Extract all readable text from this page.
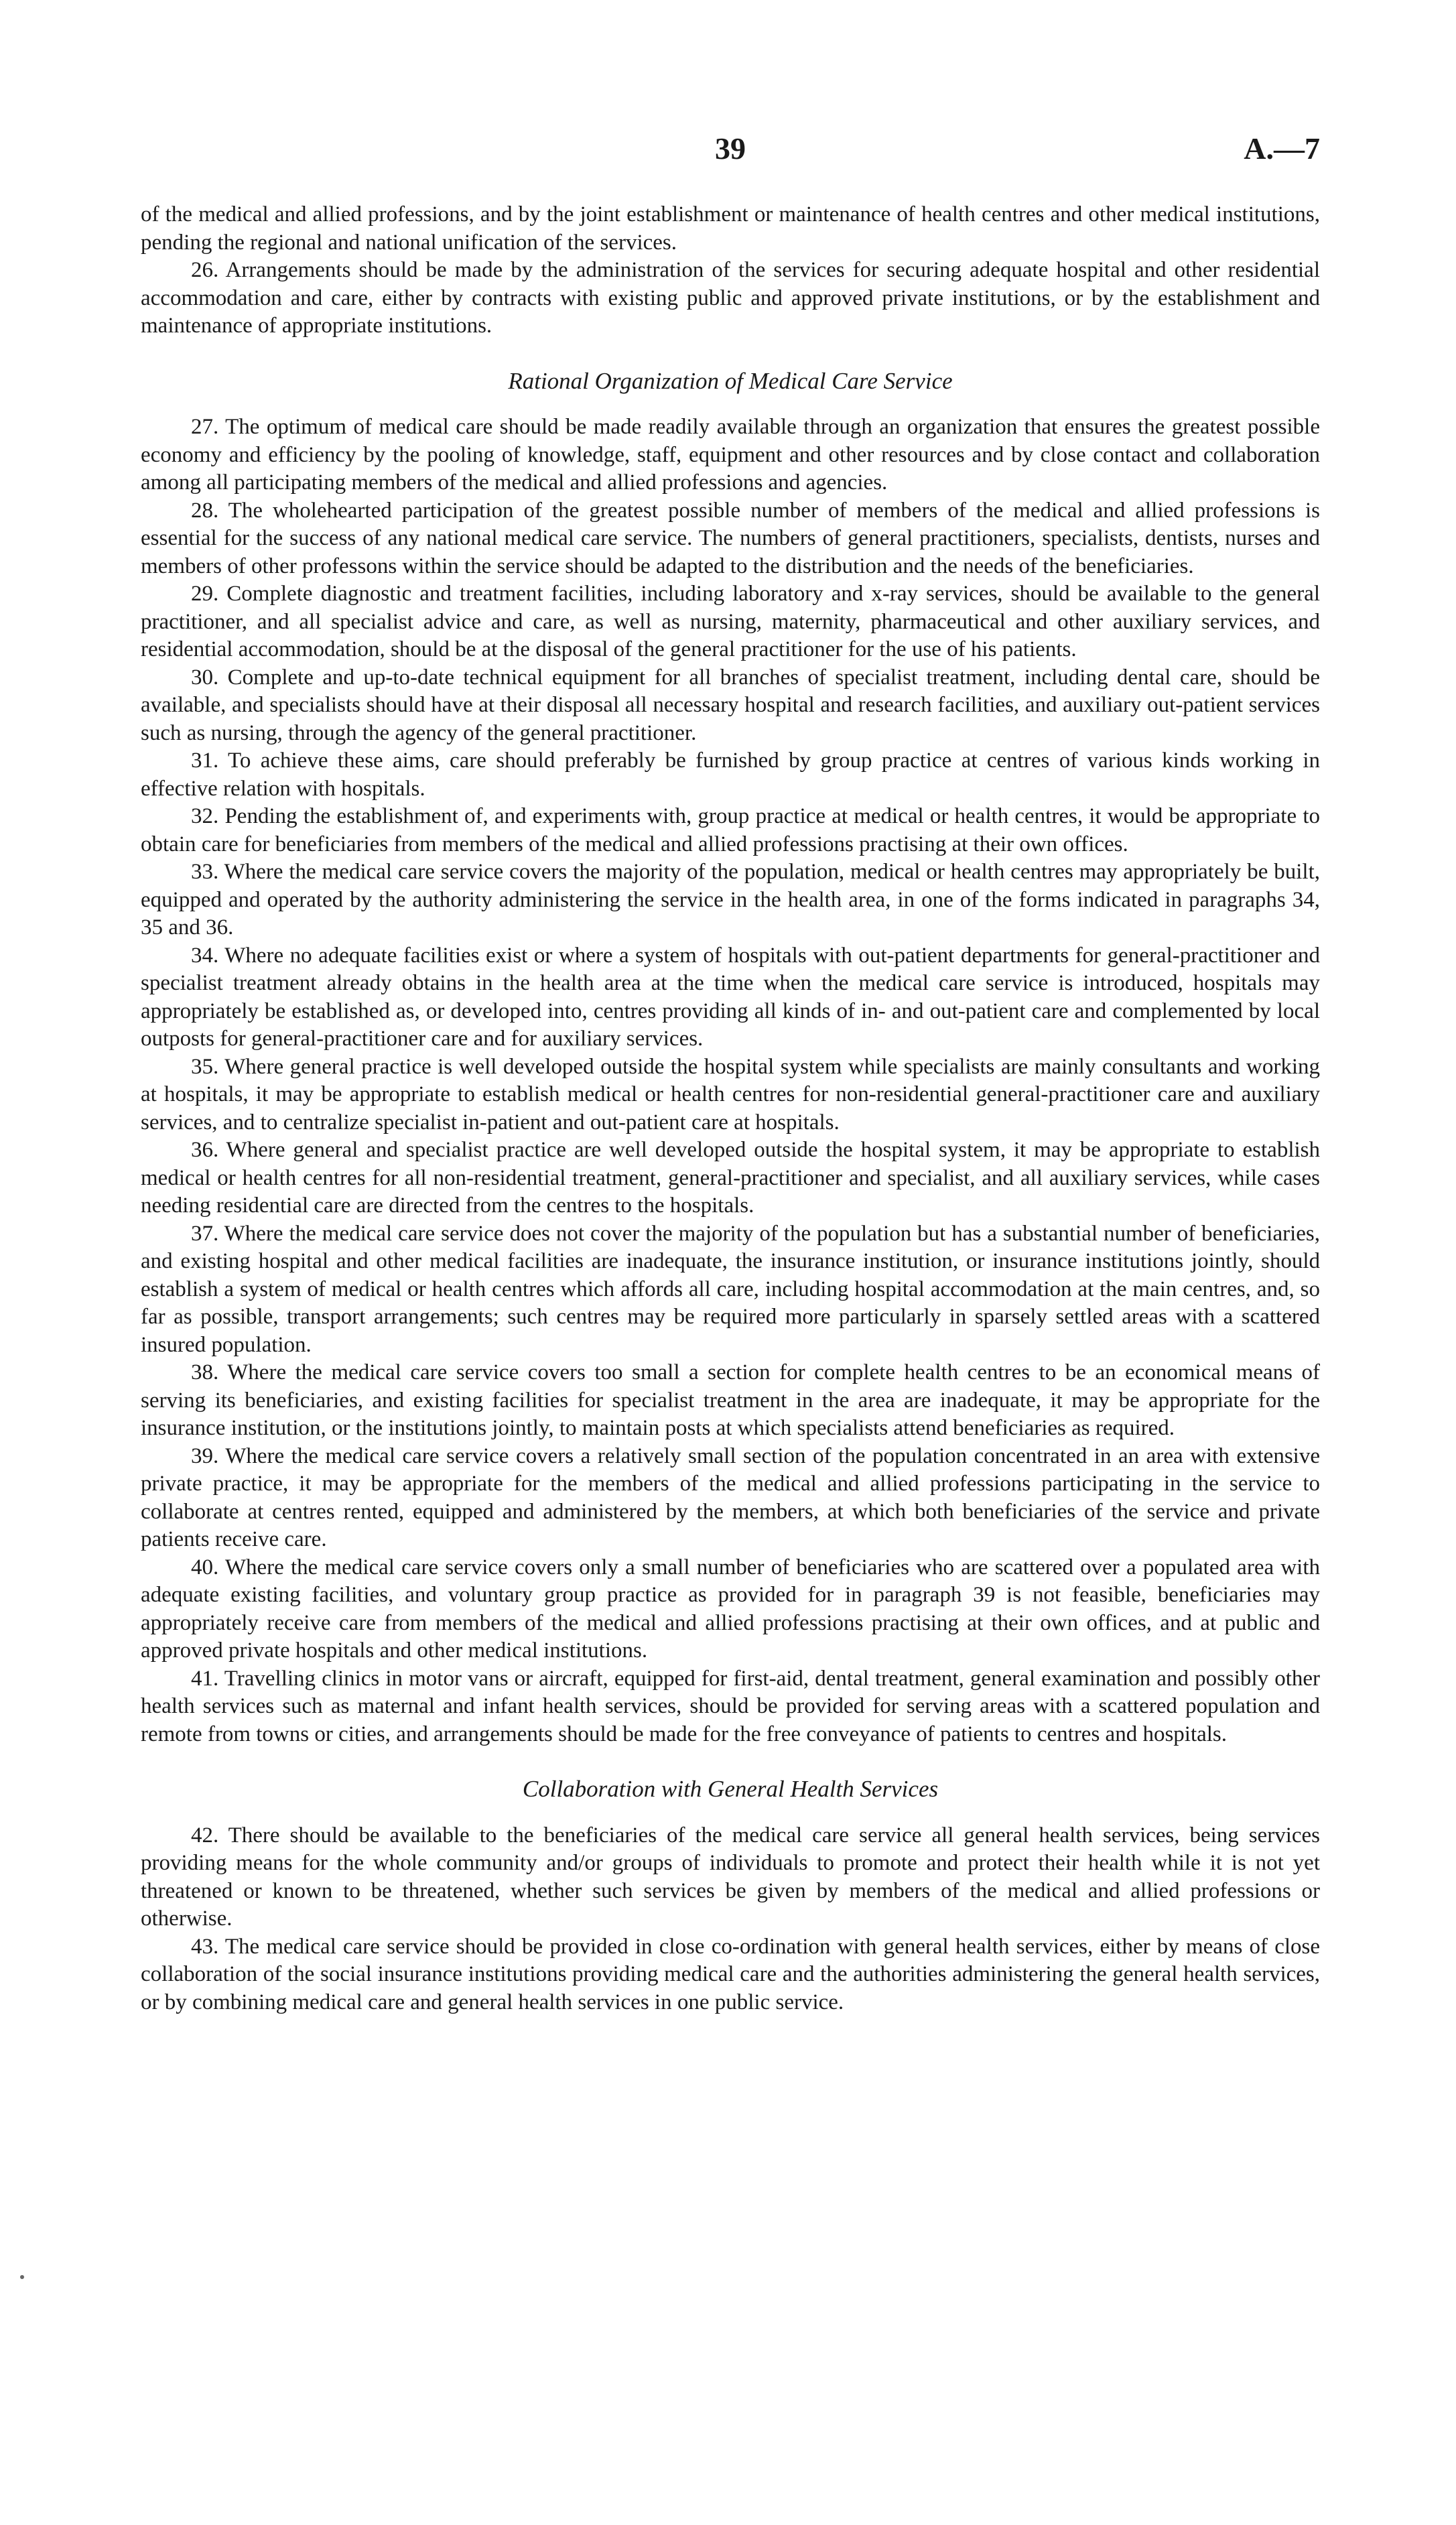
39	A.—7

of the medical and allied professions, and by the joint establishment or maintenance of health centres and other medical institutions, pending the regional and national unification of the services.

26. Arrangements should be made by the administration of the services for securing adequate hospital and other residential accommodation and care, either by contracts with existing public and approved private institutions, or by the establishment and maintenance of appropriate institutions.

Rational Organization of Medical Care Service

27. The optimum of medical care should be made readily available through an organization that ensures the greatest possible economy and efficiency by the pooling of knowledge, staff, equipment and other resources and by close contact and collaboration among all participating members of the medical and allied professions and agencies.

28. The wholehearted participation of the greatest possible number of members of the medical and allied professions is essential for the success of any national medical care service. The numbers of general practitioners, specialists, dentists, nurses and members of other professons within the service should be adapted to the distribution and the needs of the beneficiaries.

29. Complete diagnostic and treatment facilities, including laboratory and x-ray services, should be available to the general practitioner, and all specialist advice and care, as well as nursing, maternity, pharmaceutical and other auxiliary services, and residential accommodation, should be at the disposal of the general practitioner for the use of his patients.

30. Complete and up-to-date technical equipment for all branches of specialist treatment, including dental care, should be available, and specialists should have at their disposal all necessary hospital and research facilities, and auxiliary out-patient services such as nursing, through the agency of the general practitioner.

31. To achieve these aims, care should preferably be furnished by group practice at centres of various kinds working in effective relation with hospitals.

32. Pending the establishment of, and experiments with, group practice at medical or health centres, it would be appropriate to obtain care for beneficiaries from members of the medical and allied professions practising at their own offices.

33. Where the medical care service covers the majority of the population, medical or health centres may appropriately be built, equipped and operated by the authority administering the service in the health area, in one of the forms indicated in paragraphs 34, 35 and 36.

34. Where no adequate facilities exist or where a system of hospitals with out-patient departments for general-practitioner and specialist treatment already obtains in the health area at the time when the medical care service is introduced, hospitals may appropriately be established as, or developed into, centres providing all kinds of in- and out-patient care and complemented by local outposts for general-practitioner care and for auxiliary services.

35. Where general practice is well developed outside the hospital system while specialists are mainly consultants and working at hospitals, it may be appropriate to establish medical or health centres for non-residential general-practitioner care and auxiliary services, and to centralize specialist in-patient and out-patient care at hospitals.

36. Where general and specialist practice are well developed outside the hospital system, it may be appropriate to establish medical or health centres for all non-residential treatment, general-practitioner and specialist, and all auxiliary services, while cases needing residential care are directed from the centres to the hospitals.

37. Where the medical care service does not cover the majority of the population but has a substantial number of beneficiaries, and existing hospital and other medical facilities are inadequate, the insurance institution, or insurance institutions jointly, should establish a system of medical or health centres which affords all care, including hospital accommodation at the main centres, and, so far as possible, transport arrangements; such centres may be required more particularly in sparsely settled areas with a scattered insured population.

38. Where the medical care service covers too small a section for complete health centres to be an economical means of serving its beneficiaries, and existing facilities for specialist treatment in the area are inadequate, it may be appropriate for the insurance institution, or the institutions jointly, to maintain posts at which specialists attend beneficiaries as required.

39. Where the medical care service covers a relatively small section of the population concentrated in an area with extensive private practice, it may be appropriate for the members of the medical and allied professions participating in the service to collaborate at centres rented, equipped and administered by the members, at which both beneficiaries of the service and private patients receive care.

40. Where the medical care service covers only a small number of beneficiaries who are scattered over a populated area with adequate existing facilities, and voluntary group practice as provided for in paragraph 39 is not feasible, beneficiaries may appropriately receive care from members of the medical and allied professions practising at their own offices, and at public and approved private hospitals and other medical institutions.

41. Travelling clinics in motor vans or aircraft, equipped for first-aid, dental treatment, general examination and possibly other health services such as maternal and infant health services, should be provided for serving areas with a scattered population and remote from towns or cities, and arrangements should be made for the free conveyance of patients to centres and hospitals.

Collaboration with General Health Services

42. There should be available to the beneficiaries of the medical care service all general health services, being services providing means for the whole community and/or groups of individuals to promote and protect their health while it is not yet threatened or known to be threatened, whether such services be given by members of the medical and allied professions or otherwise.

43. The medical care service should be provided in close co-ordination with general health services, either by means of close collaboration of the social insurance institutions providing medical care and the authorities administering the general health services, or by combining medical care and general health services in one public service.
